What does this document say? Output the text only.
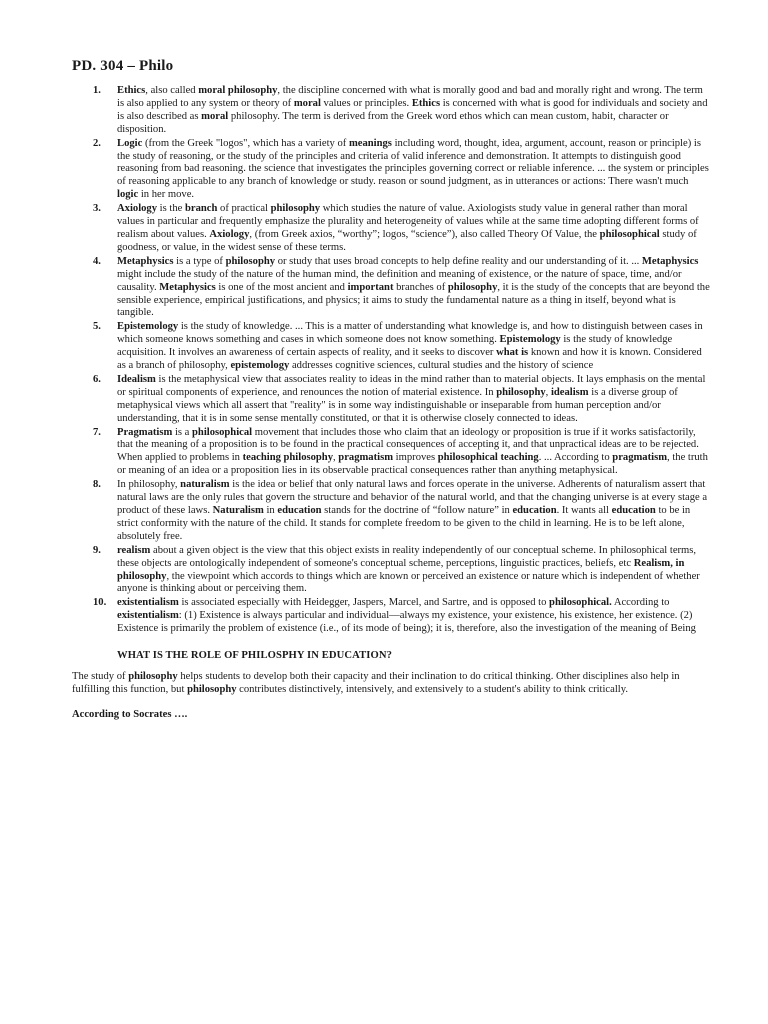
PD. 304 – Philo
1. Ethics, also called moral philosophy, the discipline concerned with what is morally good and bad and morally right and wrong. The term is also applied to any system or theory of moral values or principles. Ethics is concerned with what is good for individuals and society and is also described as moral philosophy. The term is derived from the Greek word ethos which can mean custom, habit, character or disposition.
2. Logic (from the Greek "logos", which has a variety of meanings including word, thought, idea, argument, account, reason or principle) is the study of reasoning, or the study of the principles and criteria of valid inference and demonstration. It attempts to distinguish good reasoning from bad reasoning. the science that investigates the principles governing correct or reliable inference. ... the system or principles of reasoning applicable to any branch of knowledge or study. reason or sound judgment, as in utterances or actions: There wasn't much logic in her move.
3. Axiology is the branch of practical philosophy which studies the nature of value. Axiologists study value in general rather than moral values in particular and frequently emphasize the plurality and heterogeneity of values while at the same time adopting different forms of realism about values. Axiology, (from Greek axios, “worthy”; logos, “science”), also called Theory Of Value, the philosophical study of goodness, or value, in the widest sense of these terms.
4. Metaphysics is a type of philosophy or study that uses broad concepts to help define reality and our understanding of it. ... Metaphysics might include the study of the nature of the human mind, the definition and meaning of existence, or the nature of space, time, and/or causality. Metaphysics is one of the most ancient and important branches of philosophy, it is the study of the concepts that are beyond the sensible experience, empirical justifications, and physics; it aims to study the fundamental nature as a thing in itself, beyond what is tangible.
5. Epistemology is the study of knowledge. ... This is a matter of understanding what knowledge is, and how to distinguish between cases in which someone knows something and cases in which someone does not know something. Epistemology is the study of knowledge acquisition. It involves an awareness of certain aspects of reality, and it seeks to discover what is known and how it is known. Considered as a branch of philosophy, epistemology addresses cognitive sciences, cultural studies and the history of science
6. Idealism is the metaphysical view that associates reality to ideas in the mind rather than to material objects. It lays emphasis on the mental or spiritual components of experience, and renounces the notion of material existence. In philosophy, idealism is a diverse group of metaphysical views which all assert that "reality" is in some way indistinguishable or inseparable from human perception and/or understanding, that it is in some sense mentally constituted, or that it is otherwise closely connected to ideas.
7. Pragmatism is a philosophical movement that includes those who claim that an ideology or proposition is true if it works satisfactorily, that the meaning of a proposition is to be found in the practical consequences of accepting it, and that unpractical ideas are to be rejected. When applied to problems in teaching philosophy, pragmatism improves philosophical teaching. ... According to pragmatism, the truth or meaning of an idea or a proposition lies in its observable practical consequences rather than anything metaphysical.
8. In philosophy, naturalism is the idea or belief that only natural laws and forces operate in the universe. Adherents of naturalism assert that natural laws are the only rules that govern the structure and behavior of the natural world, and that the changing universe is at every stage a product of these laws. Naturalism in education stands for the doctrine of “follow nature” in education. It wants all education to be in strict conformity with the nature of the child. It stands for complete freedom to be given to the child in learning. He is to be left alone, absolutely free.
9. realism about a given object is the view that this object exists in reality independently of our conceptual scheme. In philosophical terms, these objects are ontologically independent of someone's conceptual scheme, perceptions, linguistic practices, beliefs, etc Realism, in philosophy, the viewpoint which accords to things which are known or perceived an existence or nature which is independent of whether anyone is thinking about or perceiving them.
10. existentialism is associated especially with Heidegger, Jaspers, Marcel, and Sartre, and is opposed to philosophical. According to existentialism: (1) Existence is always particular and individual—always my existence, your existence, his existence, her existence. (2) Existence is primarily the problem of existence (i.e., of its mode of being); it is, therefore, also the investigation of the meaning of Being
WHAT IS THE ROLE OF PHILOSPHY IN EDUCATION?

The study of philosophy helps students to develop both their capacity and their inclination to do critical thinking. Other disciplines also help in fulfilling this function, but philosophy contributes distinctively, intensively, and extensively to a student's ability to think critically.

According to Socrates ….
